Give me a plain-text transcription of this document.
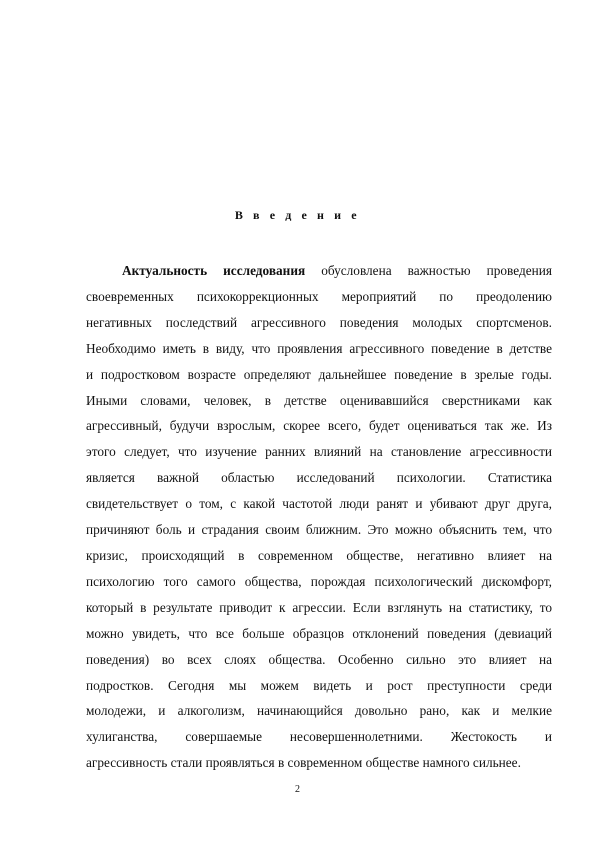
В в е д е н и е
Актуальность исследования обусловлена важностью проведения
своевременных психокоррекционных мероприятий по преодолению
негативных последствий агрессивного поведения молодых спортсменов.
Необходимо иметь в виду, что проявления агрессивного поведение в детстве
и подростковом возрасте определяют дальнейшее поведение в зрелые годы.
Иными словами, человек, в детстве оценивавшийся сверстниками как
агрессивный, будучи взрослым, скорее всего, будет оцениваться так же. Из
этого следует, что изучение ранних влияний на становление агрессивности
является важной областью исследований психологии. Статистика
свидетельствует о том, с какой частотой люди ранят и убивают друг друга,
причиняют боль и страдания своим ближним. Это можно объяснить тем, что
кризис, происходящий в современном обществе, негативно влияет на
психологию того самого общества, порождая психологический дискомфорт,
который в результате приводит к агрессии. Если взглянуть на статистику, то
можно увидеть, что все больше образцов отклонений поведения (девиаций
поведения) во всех слоях общества. Особенно сильно это влияет на
подростков. Сегодня мы можем видеть и рост преступности среди
молодежи, и алкоголизм, начинающийся довольно рано, как и мелкие
хулиганства, совершаемые несовершеннолетними. Жестокость и
агрессивность стали проявляться в современном обществе намного сильнее.
2
